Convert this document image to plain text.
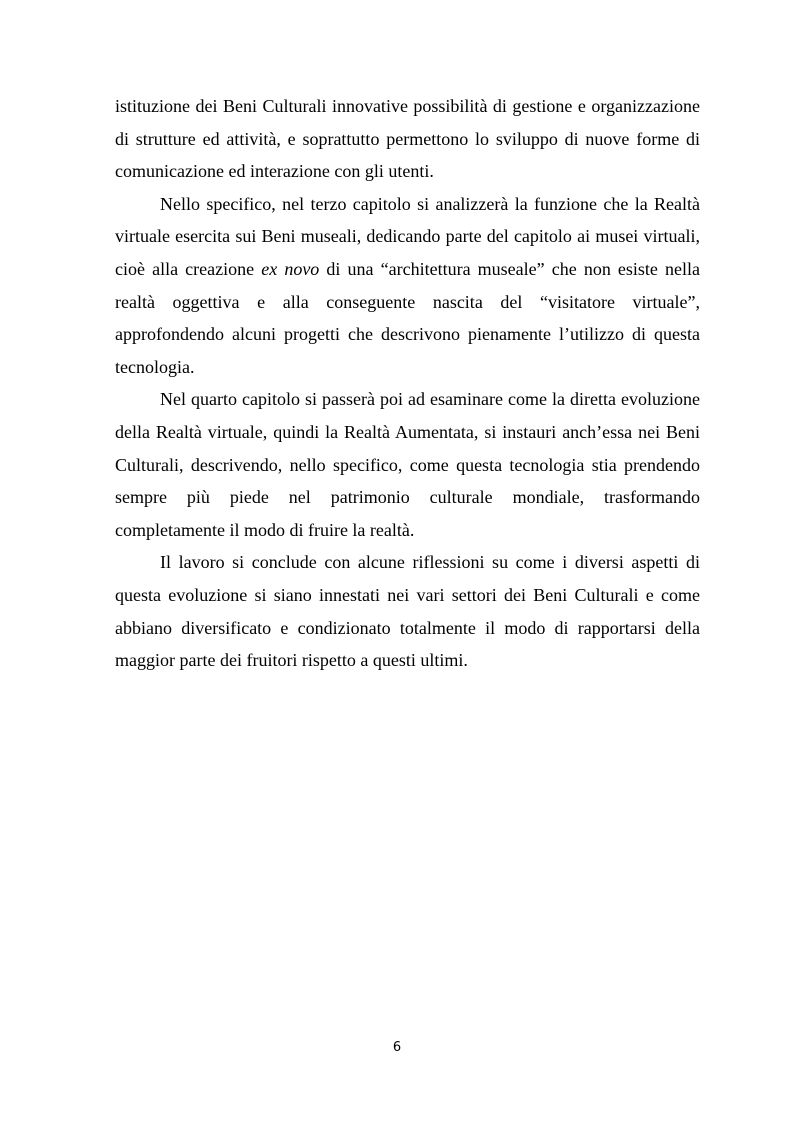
istituzione dei Beni Culturali innovative possibilità di gestione e organizzazione di strutture ed attività, e soprattutto permettono lo sviluppo di nuove forme di comunicazione ed interazione con gli utenti.

Nello specifico, nel terzo capitolo si analizzerà la funzione che la Realtà virtuale esercita sui Beni museali, dedicando parte del capitolo ai musei virtuali, cioè alla creazione ex novo di una “architettura museale” che non esiste nella realtà oggettiva e alla conseguente nascita del “visitatore virtuale”, approfondendo alcuni progetti che descrivono pienamente l’utilizzo di questa tecnologia.

Nel quarto capitolo si passerà poi ad esaminare come la diretta evoluzione della Realtà virtuale, quindi la Realtà Aumentata, si instauri anch’essa nei Beni Culturali, descrivendo, nello specifico, come questa tecnologia stia prendendo sempre più piede nel patrimonio culturale mondiale, trasformando completamente il modo di fruire la realtà.

Il lavoro si conclude con alcune riflessioni su come i diversi aspetti di questa evoluzione si siano innestati nei vari settori dei Beni Culturali e come abbiano diversificato e condizionato totalmente il modo di rapportarsi della maggior parte dei fruitori rispetto a questi ultimi.

6
